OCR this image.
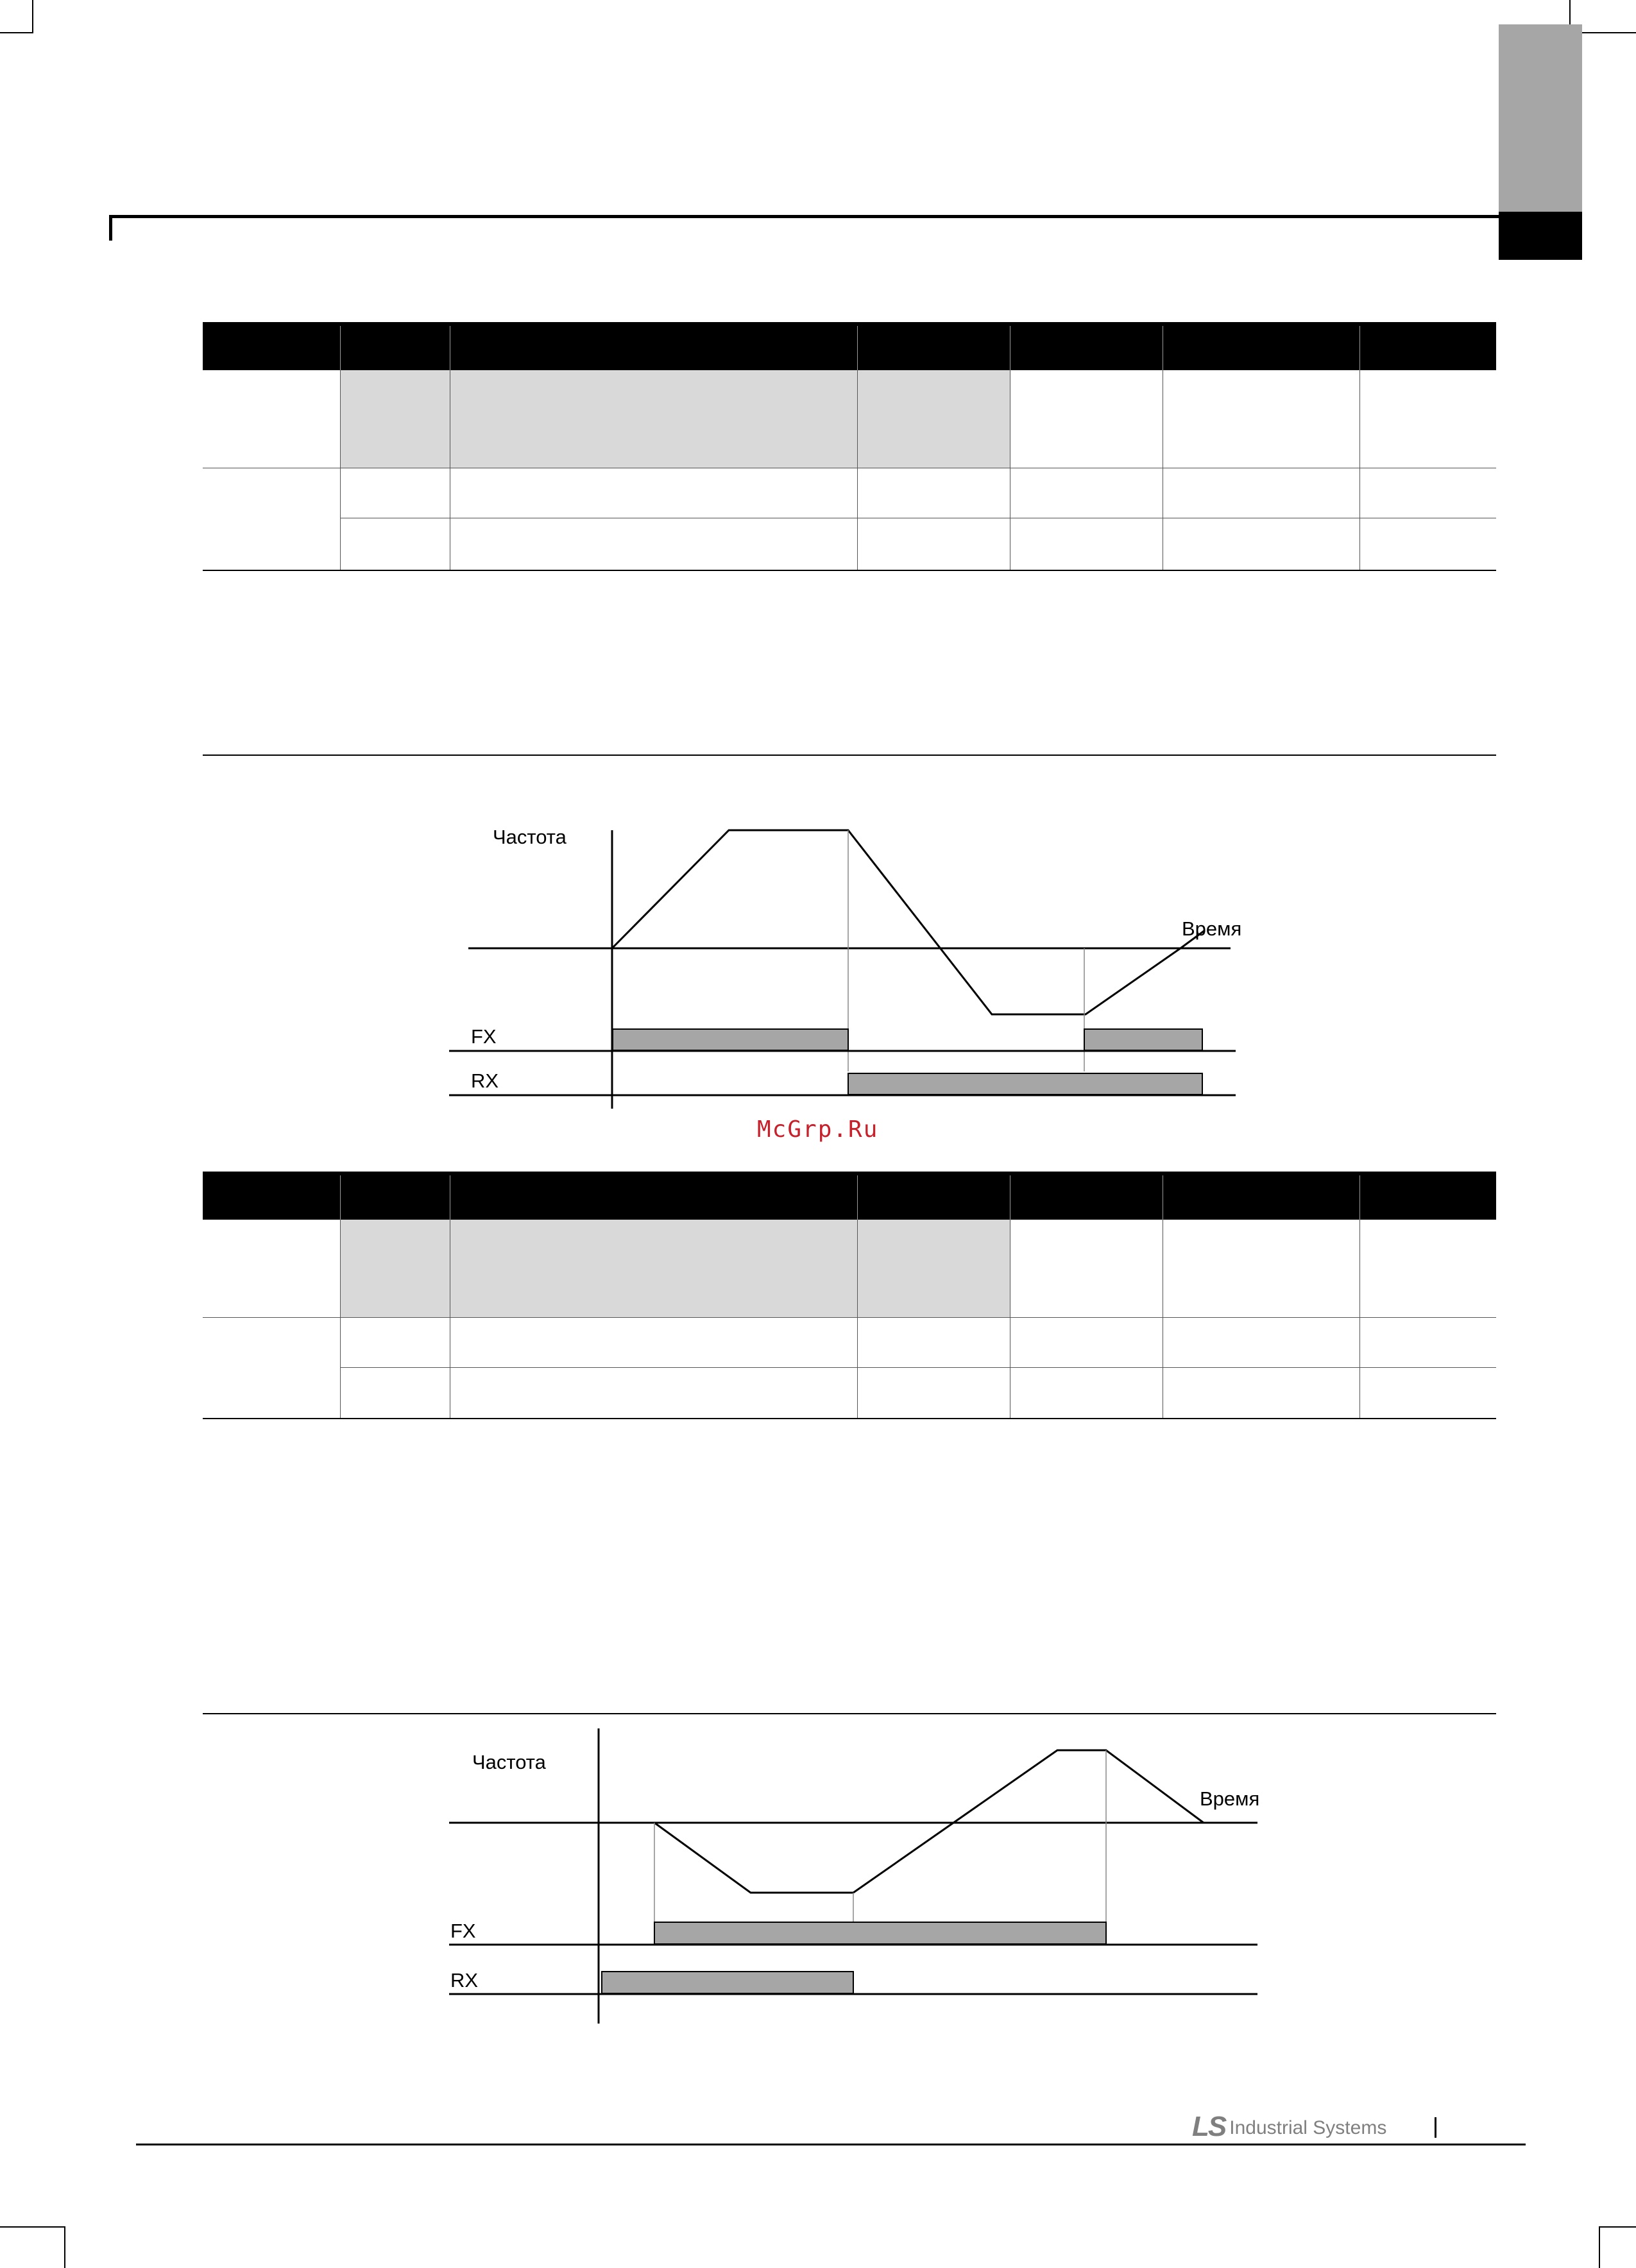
Частота
Время
FX
RX
McGrp.Ru
Частота
Время
FX
RX
LS Industrial Systems
